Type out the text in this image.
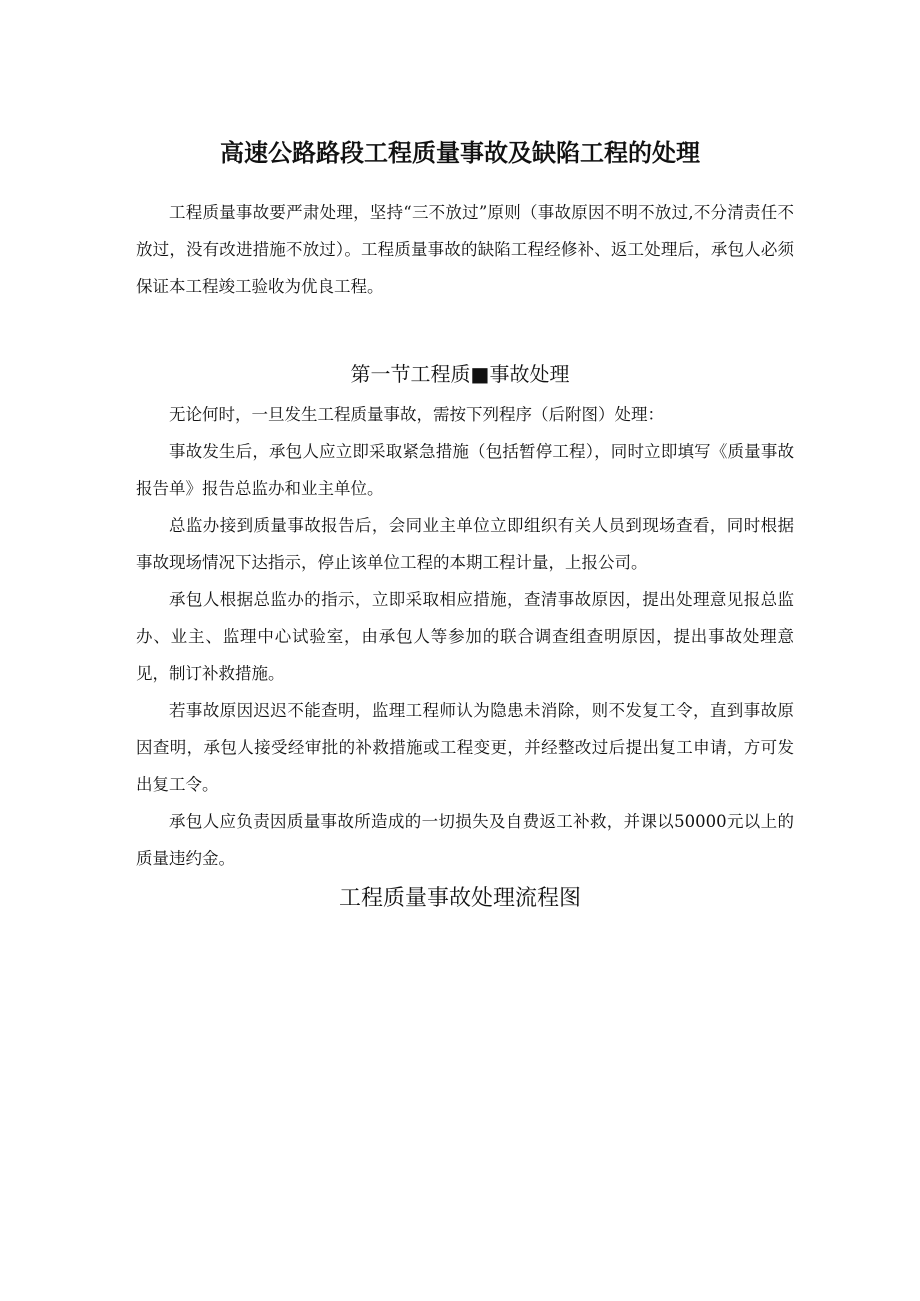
高速公路路段工程质量事故及缺陷工程的处理

工程质量事故要严肃处理，坚持“三不放过”原则（事故原因不明不放过,不分清责任不放过，没有改进措施不放过）。工程质量事故的缺陷工程经修补、返工处理后，承包人必须保证本工程竣工验收为优良工程。

第一节工程质■事故处理

无论何时，一旦发生工程质量事故，需按下列程序（后附图）处理：

事故发生后，承包人应立即采取紧急措施（包括暂停工程），同时立即填写《质量事故报告单》报告总监办和业主单位。

总监办接到质量事故报告后，会同业主单位立即组织有关人员到现场查看，同时根据事故现场情况下达指示，停止该单位工程的本期工程计量，上报公司。

承包人根据总监办的指示，立即采取相应措施，查清事故原因，提出处理意见报总监办、业主、监理中心试验室，由承包人等参加的联合调查组查明原因，提出事故处理意见，制订补救措施。

若事故原因迟迟不能查明，监理工程师认为隐患未消除，则不发复工令，直到事故原因查明，承包人接受经审批的补救措施或工程变更，并经整改过后提出复工申请，方可发出复工令。

承包人应负责因质量事故所造成的一切损失及自费返工补救，并课以50000元以上的质量违约金。

工程质量事故处理流程图
